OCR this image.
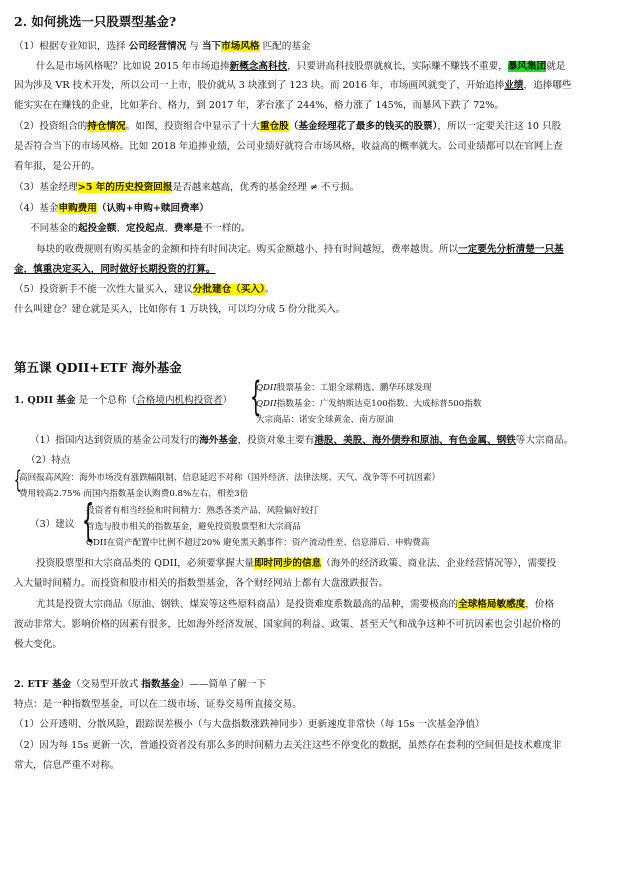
2. 如何挑选一只股票型基金?
（1）根据专业知识，选择 公司经营情况 与 当下市场风格 匹配的基金
什么是市场风格呢？比如说 2015 年市场追捧新概念高科技，只要讲高科技股票就疯长，实际赚不赚钱不重要，暴风集团就是
因为涉及 VR 技术开发，所以公司一上市，股价就从 3 块涨到了 123 块。而 2016 年，市场画风就变了，开始追捧业绩，追捧哪些
能实实在在赚钱的企业，比如茅台、格力，到 2017 年，茅台涨了 244%、格力涨了 145%，而暴风下跌了 72%。
（2）投资组合的持仓情况。如图，投资组合中显示了十大重仓股（基金经理花了最多的钱买的股票），所以一定要关注这 10 只股
是否符合当下的市场风格。比如 2018 年追捧业绩，公司业绩好就符合市场风格，收益高的概率就大。公司业绩都可以在官网上查
看年报，是公开的。
（3）基金经理>5 年的历史投资回报是否越来越高，优秀的基金经理 ≠ 不亏损。
（4）基金申购费用（认购+申购+赎回费率）
不同基金的起投金额、定投起点、费率是不一样的。
每块的收费规则有购买基金的金额和持有时间决定。购买金额越小、持有时间越短，费率越贵。所以一定要先分析清楚一只基
金，慎重决定买入，同时做好长期投资的打算。
（5）投资新手不能一次性大量买入，建议分批建仓（买入）。
什么叫建仓？建仓就是买入，比如你有 1 万块钱，可以均分成 5 份分批买入。
第五课 QDII+ETF 海外基金
1. QDII 基金 是一个总称（合格境内机构投资者） {
QDII股票基金：工银全球精选、鹏华环球发现
QDII指数基金：广发纳斯达克100指数、大成标普500指数
大宗商品：诺安全球黄金、南方原油
（1）指国内达到资质的基金公司发行的海外基金，投资对象主要有港股、美股、海外债券和原油、有色金属、钢铁等大宗商品。
（2）特点
{
高回报高风险：海外市场没有涨跌幅限制、信息延迟不对称（国外经济、法律法规、天气、战争等不可抗因素）
费用较高2.75% 而国内指数基金认购费0.8%左右，相差3倍
（3）建议 {
投资者有相当经验和时间精力：熟悉各类产品，风险偏好较打
首选与股市相关的指数基金，避免投资股票型和大宗商品
QDII在资产配置中比例不超过20% 避免黑天鹅事件：资产流动性差、信息滞后、申购费高
投资股票型和大宗商品类的 QDII，必须要掌握大量即时同步的信息（海外的经济政策、商业法、企业经营情况等），需要投
入大量时间精力。而投资和股市相关的指数型基金，各个财经网站上都有大盘涨跌报告。
尤其是投资大宗商品（原油、钢铁、煤炭等这些原料商品）是投资难度系数最高的品种，需要极高的全球格局敏感度，价格
波动非常大。影响价格的因素有很多，比如海外经济发展、国家间的利益、政策、甚至天气和战争这种不可抗因素也会引起价格的
极大变化。
2. ETF 基金（交易型开放式 指数基金）——简单了解一下
特点：是一种指数型基金，可以在二级市场、证券交易所直接交易。
（1）公开透明、分散风险，跟踪误差极小（与大盘指数涨跌神同步）更新速度非常快（每 15s 一次基金净值）
（2）因为每 15s 更新一次，普通投资者没有那么多的时间精力去关注这些不停变化的数据，虽然存在套利的空间但是技术难度非
常大，信息严重不对称。
